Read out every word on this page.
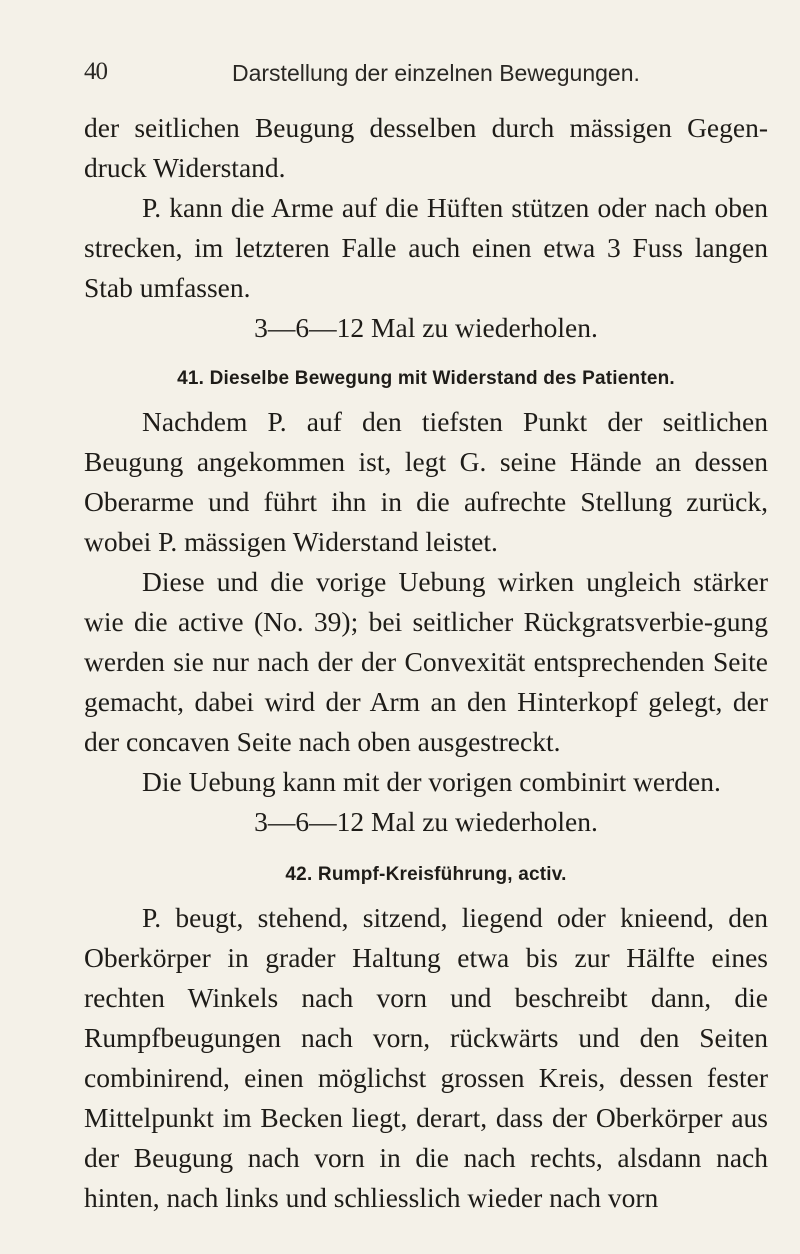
40	Darstellung der einzelnen Bewegungen.

der seitlichen Beugung desselben durch mässigen Gegen-druck Widerstand.

P. kann die Arme auf die Hüften stützen oder nach oben strecken, im letzteren Falle auch einen etwa 3 Fuss langen Stab umfassen.

3—6—12 Mal zu wiederholen.

41. Dieselbe Bewegung mit Widerstand des Patienten.

Nachdem P. auf den tiefsten Punkt der seitlichen Beugung angekommen ist, legt G. seine Hände an dessen Oberarme und führt ihn in die aufrechte Stellung zurück, wobei P. mässigen Widerstand leistet.

Diese und die vorige Uebung wirken ungleich stärker wie die active (No. 39); bei seitlicher Rückgratsverbie-gung werden sie nur nach der der Convexität entsprechenden Seite gemacht, dabei wird der Arm an den Hinterkopf gelegt, der der concaven Seite nach oben ausgestreckt.

Die Uebung kann mit der vorigen combinirt werden.

3—6—12 Mal zu wiederholen.

42. Rumpf-Kreisführung, activ.

P. beugt, stehend, sitzend, liegend oder knieend, den Oberkörper in grader Haltung etwa bis zur Hälfte eines rechten Winkels nach vorn und beschreibt dann, die Rumpfbeugungen nach vorn, rückwärts und den Seiten combinirend, einen möglichst grossen Kreis, dessen fester Mittelpunkt im Becken liegt, derart, dass der Oberkörper aus der Beugung nach vorn in die nach rechts, alsdann nach hinten, nach links und schliesslich wieder nach vorn
